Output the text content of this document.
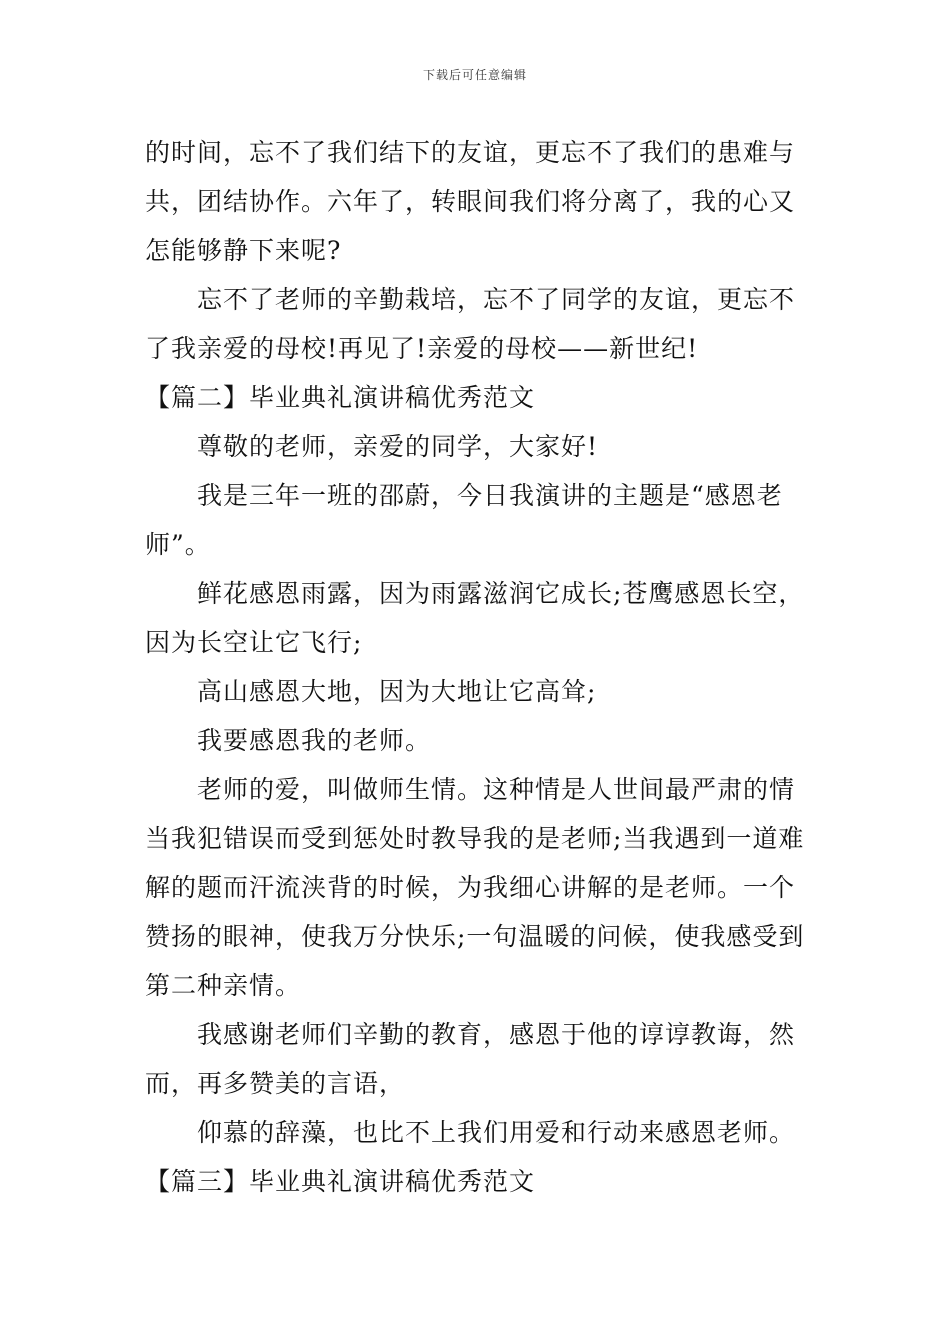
下载后可任意编辑
的时间，忘不了我们结下的友谊，更忘不了我们的患难与
共，团结协作。六年了，转眼间我们将分离了，我的心又
怎能够静下来呢?
忘不了老师的辛勤栽培，忘不了同学的友谊，更忘不
了我亲爱的母校!再见了!亲爱的母校——新世纪!
【篇二】毕业典礼演讲稿优秀范文
尊敬的老师，亲爱的同学，大家好!
我是三年一班的邵蔚，今日我演讲的主题是“感恩老
师”。
鲜花感恩雨露，因为雨露滋润它成长;苍鹰感恩长空，
因为长空让它飞行;
高山感恩大地，因为大地让它高耸;
我要感恩我的老师。
老师的爱，叫做师生情。这种情是人世间最严肃的情
当我犯错误而受到惩处时教导我的是老师;当我遇到一道难
解的题而汗流浃背的时候，为我细心讲解的是老师。一个
赞扬的眼神，使我万分快乐;一句温暖的问候，使我感受到
第二种亲情。
我感谢老师们辛勤的教育，感恩于他的谆谆教诲，然
而，再多赞美的言语，
仰慕的辞藻，也比不上我们用爱和行动来感恩老师。
【篇三】毕业典礼演讲稿优秀范文
